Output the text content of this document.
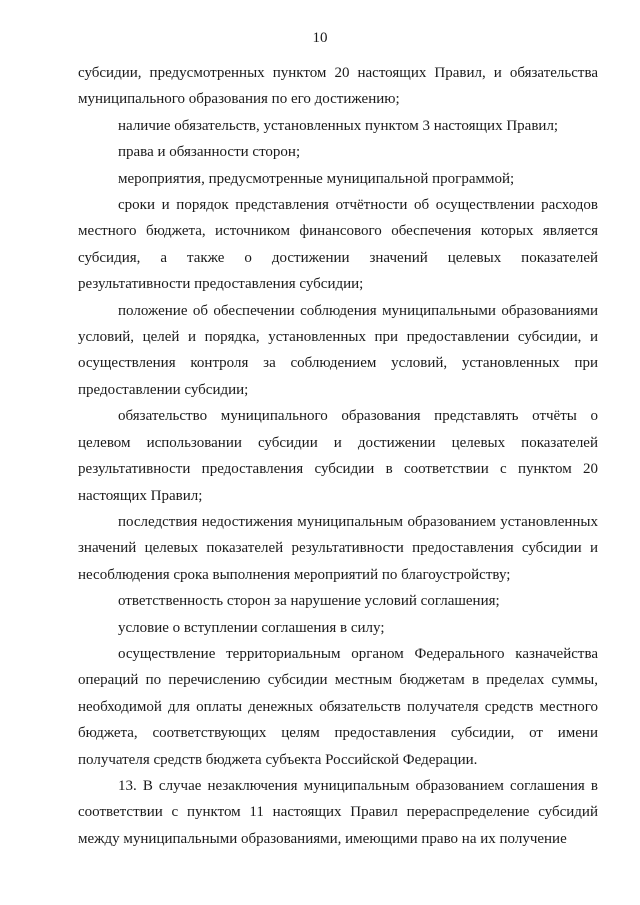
10

субсидии, предусмотренных пунктом 20 настоящих Правил, и обязательства муниципального образования по его достижению;

наличие обязательств, установленных пунктом 3 настоящих Правил;

права и обязанности сторон;

мероприятия, предусмотренные муниципальной программой;

сроки и порядок представления отчётности об осуществлении расходов местного бюджета, источником финансового обеспечения которых является субсидия, а также о достижении значений целевых показателей результативности предоставления субсидии;

положение об обеспечении соблюдения муниципальными образованиями условий, целей и порядка, установленных при предоставлении субсидии, и осуществления контроля за соблюдением условий, установленных при предоставлении субсидии;

обязательство муниципального образования представлять отчёты о целевом использовании субсидии и достижении целевых показателей результативности предоставления субсидии в соответствии с пунктом 20 настоящих Правил;

последствия недостижения муниципальным образованием установленных значений целевых показателей результативности предоставления субсидии и несоблюдения срока выполнения мероприятий по благоустройству;

ответственность сторон за нарушение условий соглашения;

условие о вступлении соглашения в силу;

осуществление территориальным органом Федерального казначейства операций по перечислению субсидии местным бюджетам в пределах суммы, необходимой для оплаты денежных обязательств получателя средств местного бюджета, соответствующих целям предоставления субсидии, от имени получателя средств бюджета субъекта Российской Федерации.

13. В случае незаключения муниципальным образованием соглашения в соответствии с пунктом 11 настоящих Правил перераспределение субсидий между муниципальными образованиями, имеющими право на их получение
